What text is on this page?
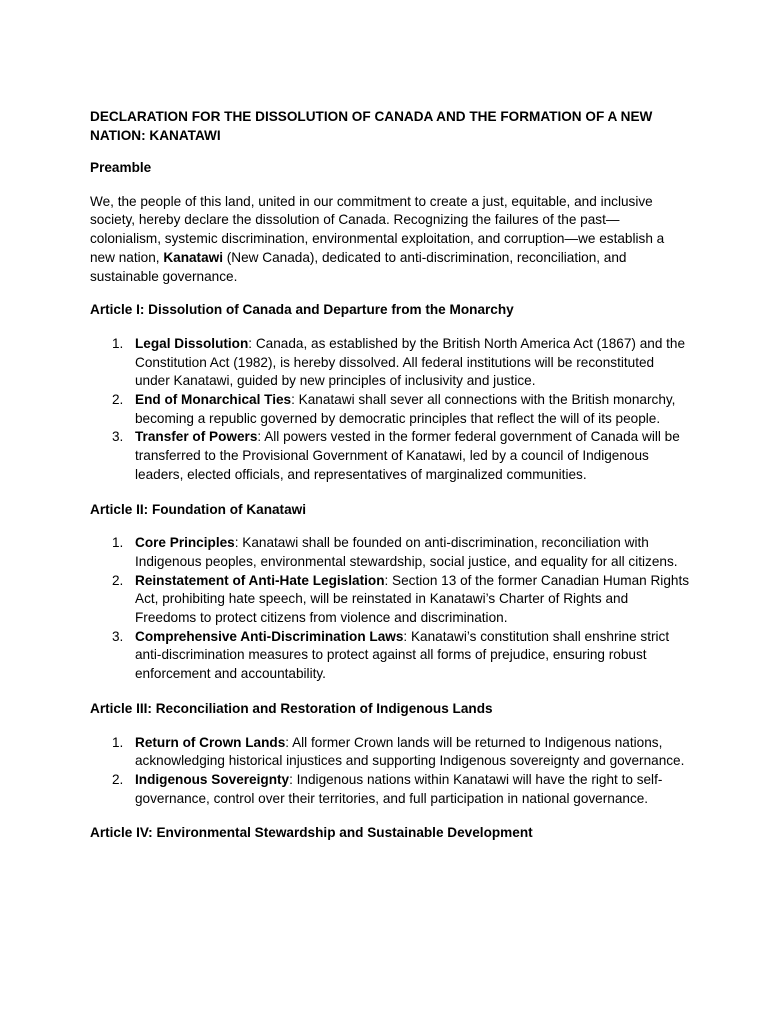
DECLARATION FOR THE DISSOLUTION OF CANADA AND THE FORMATION OF A NEW NATION: KANATAWI
Preamble

We, the people of this land, united in our commitment to create a just, equitable, and inclusive society, hereby declare the dissolution of Canada. Recognizing the failures of the past—colonialism, systemic discrimination, environmental exploitation, and corruption—we establish a new nation, Kanatawi (New Canada), dedicated to anti-discrimination, reconciliation, and sustainable governance.

Article I: Dissolution of Canada and Departure from the Monarchy
1. Legal Dissolution: Canada, as established by the British North America Act (1867) and the Constitution Act (1982), is hereby dissolved. All federal institutions will be reconstituted under Kanatawi, guided by new principles of inclusivity and justice.
2. End of Monarchical Ties: Kanatawi shall sever all connections with the British monarchy, becoming a republic governed by democratic principles that reflect the will of its people.
3. Transfer of Powers: All powers vested in the former federal government of Canada will be transferred to the Provisional Government of Kanatawi, led by a council of Indigenous leaders, elected officials, and representatives of marginalized communities.
Article II: Foundation of Kanatawi
1. Core Principles: Kanatawi shall be founded on anti-discrimination, reconciliation with Indigenous peoples, environmental stewardship, social justice, and equality for all citizens.
2. Reinstatement of Anti-Hate Legislation: Section 13 of the former Canadian Human Rights Act, prohibiting hate speech, will be reinstated in Kanatawi’s Charter of Rights and Freedoms to protect citizens from violence and discrimination.
3. Comprehensive Anti-Discrimination Laws: Kanatawi’s constitution shall enshrine strict anti-discrimination measures to protect against all forms of prejudice, ensuring robust enforcement and accountability.
Article III: Reconciliation and Restoration of Indigenous Lands
1. Return of Crown Lands: All former Crown lands will be returned to Indigenous nations, acknowledging historical injustices and supporting Indigenous sovereignty and governance.
2. Indigenous Sovereignty: Indigenous nations within Kanatawi will have the right to self-governance, control over their territories, and full participation in national governance.
Article IV: Environmental Stewardship and Sustainable Development
